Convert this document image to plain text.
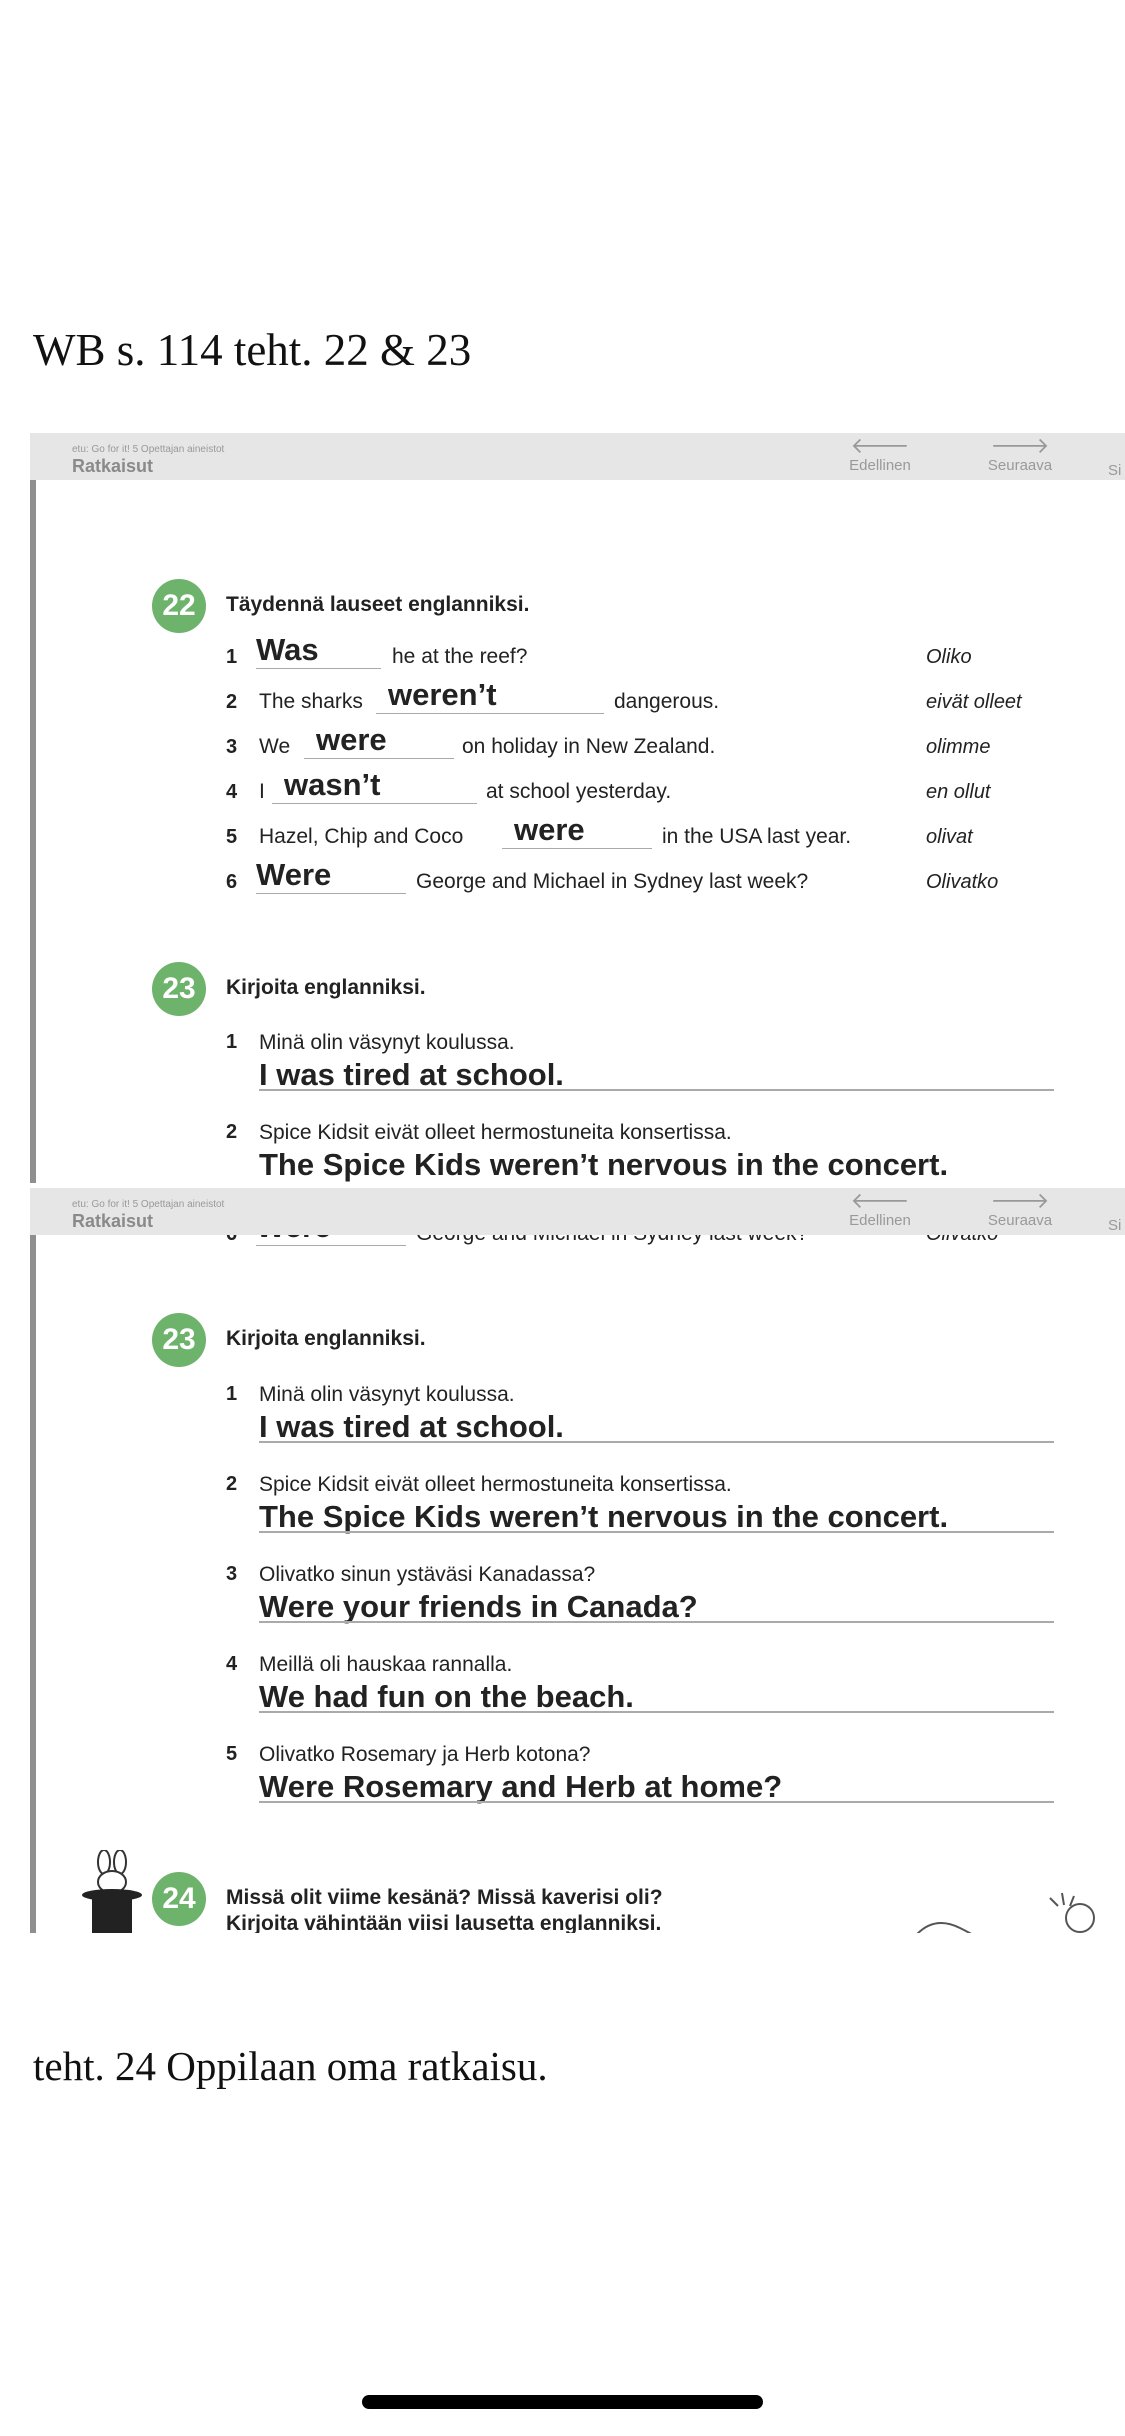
WB s. 114 teht. 22 & 23
etu: Go for it! 5 Opettajan aineistot
Ratkaisut
🡐
Edellinen
🡒
Seuraava	Si
22	Täydennä lauseet englanniksi.
1 Was	he at the reef?	Oliko
2 The sharks weren’t	dangerous.	eivät olleet
3 We were	on holiday in New Zealand.	olimme
4 I wasn’t	at school yesterday.	en ollut
5 Hazel, Chip and Coco were	in the USA last year.	olivat
6 Were	George and Michael in Sydney last week?	Olivatko
23	Kirjoita englanniksi.
1 Minä olin väsynyt koulussa.
I was tired at school.
2 Spice Kidsit eivät olleet hermostuneita konsertissa.
The Spice Kids weren’t nervous in the concert.
etu: Go for it! 5 Opettajan aineistot
Ratkaisut
🡐
Edellinen
🡒
Seuraava	Si
23	Kirjoita englanniksi.
1 Minä olin väsynyt koulussa.
I was tired at school.
2 Spice Kidsit eivät olleet hermostuneita konsertissa.
The Spice Kids weren’t nervous in the concert.
3 Olivatko sinun ystäväsi Kanadassa?
Were your friends in Canada?
4 Meillä oli hauskaa rannalla.
We had fun on the beach.
5 Olivatko Rosemary ja Herb kotona?
Were Rosemary and Herb at home?
24	Missä olit viime kesänä? Missä kaverisi oli?
Kirjoita vähintään viisi lausetta englanniksi.
teht. 24 Oppilaan oma ratkaisu.
